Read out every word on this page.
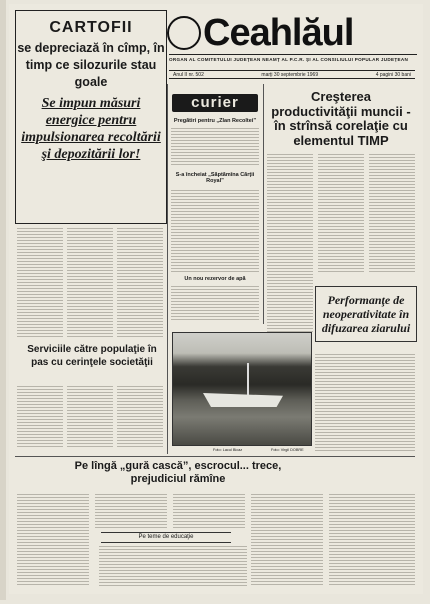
CARTOFII
se depreciază în cîmp, în timp ce silozurile stau goale
Se impun măsuri energice pentru impulsionarea recoltării şi depozitării lor!
Ceahlăul
ORGAN AL COMITETULUI JUDEŢEAN NEAMŢ AL P.C.R. ŞI AL CONSILIULUI POPULAR JUDEŢEAN
Anul II nr. 502	marţi 30 septembrie 1969	4 pagini 30 bani
Serviciile către populaţie în pas cu cerinţele societăţii
curier
Pregătiri pentru „Zlan Recoltei”
S-a încheiat „Săptămîna Cărţii Royal”
Un nou rezervor de apă
Creşterea productivităţii muncii - în strînsă corelaţie cu elementul TIMP
Performanţe de neoperativitate în difuzarea ziarului
Foto: Lacul Bicaz	Foto: Virgil DOBRE
Pe lîngă „gură cască”, escrocul... trece, prejudiciul rămîne
Pe teme de educaţie
